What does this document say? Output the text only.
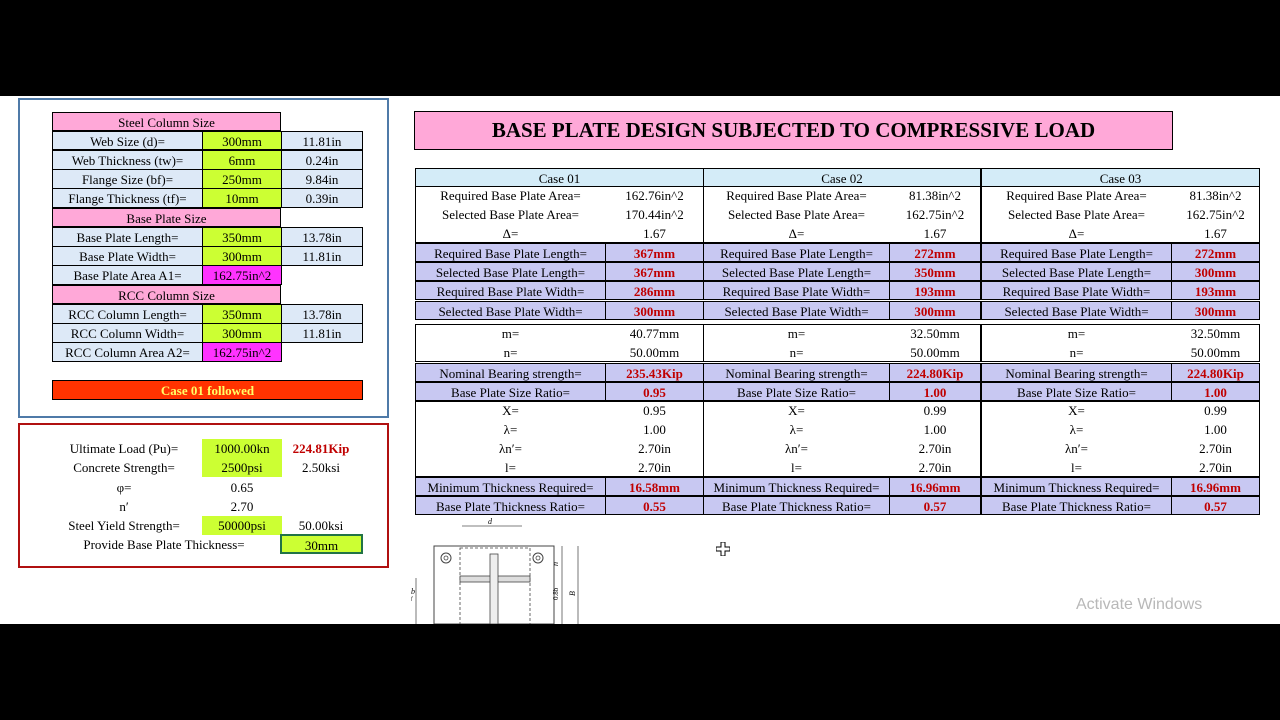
Steel Column Size
Web Size (d)=	300mm	11.81in
Web Thickness (tw)=	6mm	0.24in
Flange Size (bf)=	250mm	9.84in
Flange Thickness (tf)=	10mm	0.39in
Base Plate Size
Base Plate Length=	350mm	13.78in
Base Plate Width=	300mm	11.81in
Base Plate Area A1=	162.75in^2
RCC Column Size
RCC Column Length=	350mm	13.78in
RCC Column Width=	300mm	11.81in
RCC Column Area A2=	162.75in^2
Case 01 followed
Ultimate Load (Pu)=	1000.00kn	224.81Kip
Concrete Strength=	2500psi	2.50ksi
φ=	0.65
n′	2.70
Steel Yield Strength=	50000psi	50.00ksi
Provide Base Plate Thickness=	30mm
BASE PLATE DESIGN SUBJECTED TO COMPRESSIVE LOAD
d
n
0.8b B
b
f	Activate Windows
Case 01	Case 02	Case 03
Required Base Plate Area=	162.76in^2	Required Base Plate Area=	81.38in^2	Required Base Plate Area=	81.38in^2
Selected Base Plate Area=	170.44in^2	Selected Base Plate Area=	162.75in^2	Selected Base Plate Area=	162.75in^2
Δ=	1.67	Δ=	1.67	Δ=	1.67
Required Base Plate Length=	367mm	Required Base Plate Length=	272mm	Required Base Plate Length=	272mm
Selected Base Plate Length=	367mm	Selected Base Plate Length=	350mm	Selected Base Plate Length=	300mm
Required Base Plate Width=	286mm	Required Base Plate Width=	193mm	Required Base Plate Width=	193mm
Selected Base Plate Width=	300mm	Selected Base Plate Width=	300mm	Selected Base Plate Width=	300mm
m=	40.77mm	m=	32.50mm	m=	32.50mm
n=	50.00mm	n=	50.00mm	n=	50.00mm
Nominal Bearing strength=	235.43Kip	Nominal Bearing strength=	224.80Kip	Nominal Bearing strength=	224.80Kip
Base Plate Size Ratio=	0.95	Base Plate Size Ratio=	1.00	Base Plate Size Ratio=	1.00
X=	0.95	X=	0.99	X=	0.99
λ=	1.00	λ=	1.00	λ=	1.00
λn′=	2.70in	λn′=	2.70in	λn′=	2.70in
l=	2.70in	l=	2.70in	l=	2.70in
Minimum Thickness Required=	16.58mm	Minimum Thickness Required=	16.96mm	Minimum Thickness Required=	16.96mm
Base Plate Thickness Ratio=	0.55	Base Plate Thickness Ratio=	0.57	Base Plate Thickness Ratio=	0.57
